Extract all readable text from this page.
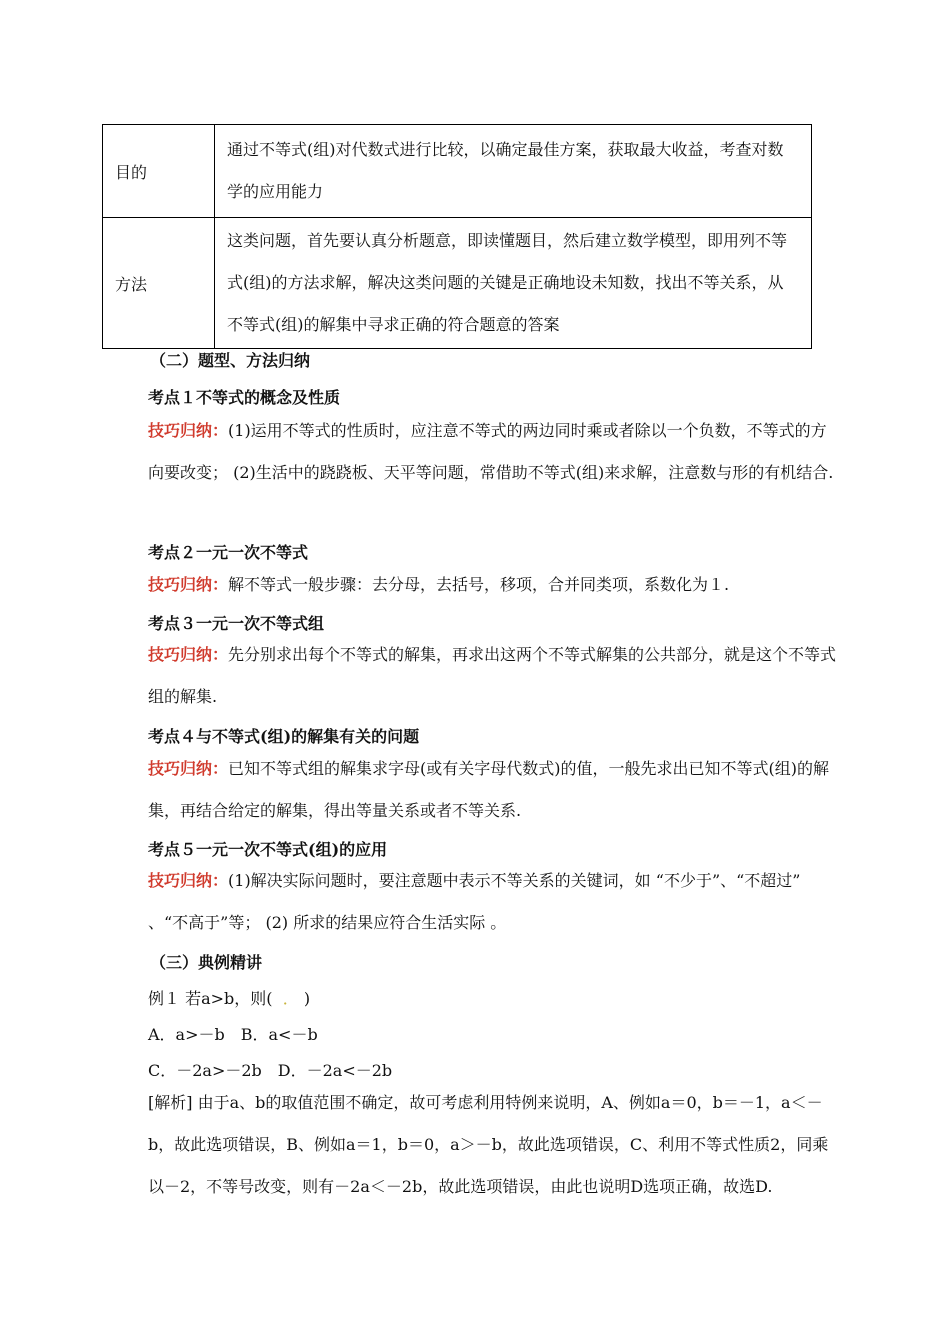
目的	通过不等式(组)对代数式进行比较，以确定最佳方案，获取最大收益，考查对数学的应用能力
方法	这类问题，首先要认真分析题意，即读懂题目，然后建立数学模型，即用列不等式(组)的方法求解，解决这类问题的关键是正确地设未知数，找出不等关系，从不等式(组)的解集中寻求正确的符合题意的答案
（二）题型、方法归纳
考点１不等式的概念及性质
技巧归纳：(1)运用不等式的性质时，应注意不等式的两边同时乘或者除以一个负数，不等式的方向要改变； (2)生活中的跷跷板、天平等问题，常借助不等式(组)来求解，注意数与形的有机结合.
考点２一元一次不等式
技巧归纳：解不等式一般步骤：去分母，去括号，移项，合并同类项，系数化为１.
考点３一元一次不等式组
技巧归纳：先分别求出每个不等式的解集，再求出这两个不等式解集的公共部分，就是这个不等式组的解集.
考点４与不等式(组)的解集有关的问题
技巧归纳：已知不等式组的解集求字母(或有关字母代数式)的值，一般先求出已知不等式(组)的解集，再结合给定的解集，得出等量关系或者不等关系.
考点５一元一次不等式(组)的应用
技巧归纳：(1)解决实际问题时，要注意题中表示不等关系的关键词，如 “不少于”、“不超过” 、“不高于”等； (2) 所求的结果应符合生活实际 。
（三）典例精讲
例１ 若a>b，则( ． )
A．a>－b　B．a<－b
C．－2a>－2b　D．－2a<－2b
[解析] 由于a、b的取值范围不确定，故可考虑利用特例来说明，A、例如a＝0，b＝－1，a＜－b，故此选项错误，B、例如a＝1，b＝0，a＞－b，故此选项错误，C、利用不等式性质2，同乘以－2，不等号改变，则有－2a＜－2b，故此选项错误，由此也说明D选项正确，故选D.
